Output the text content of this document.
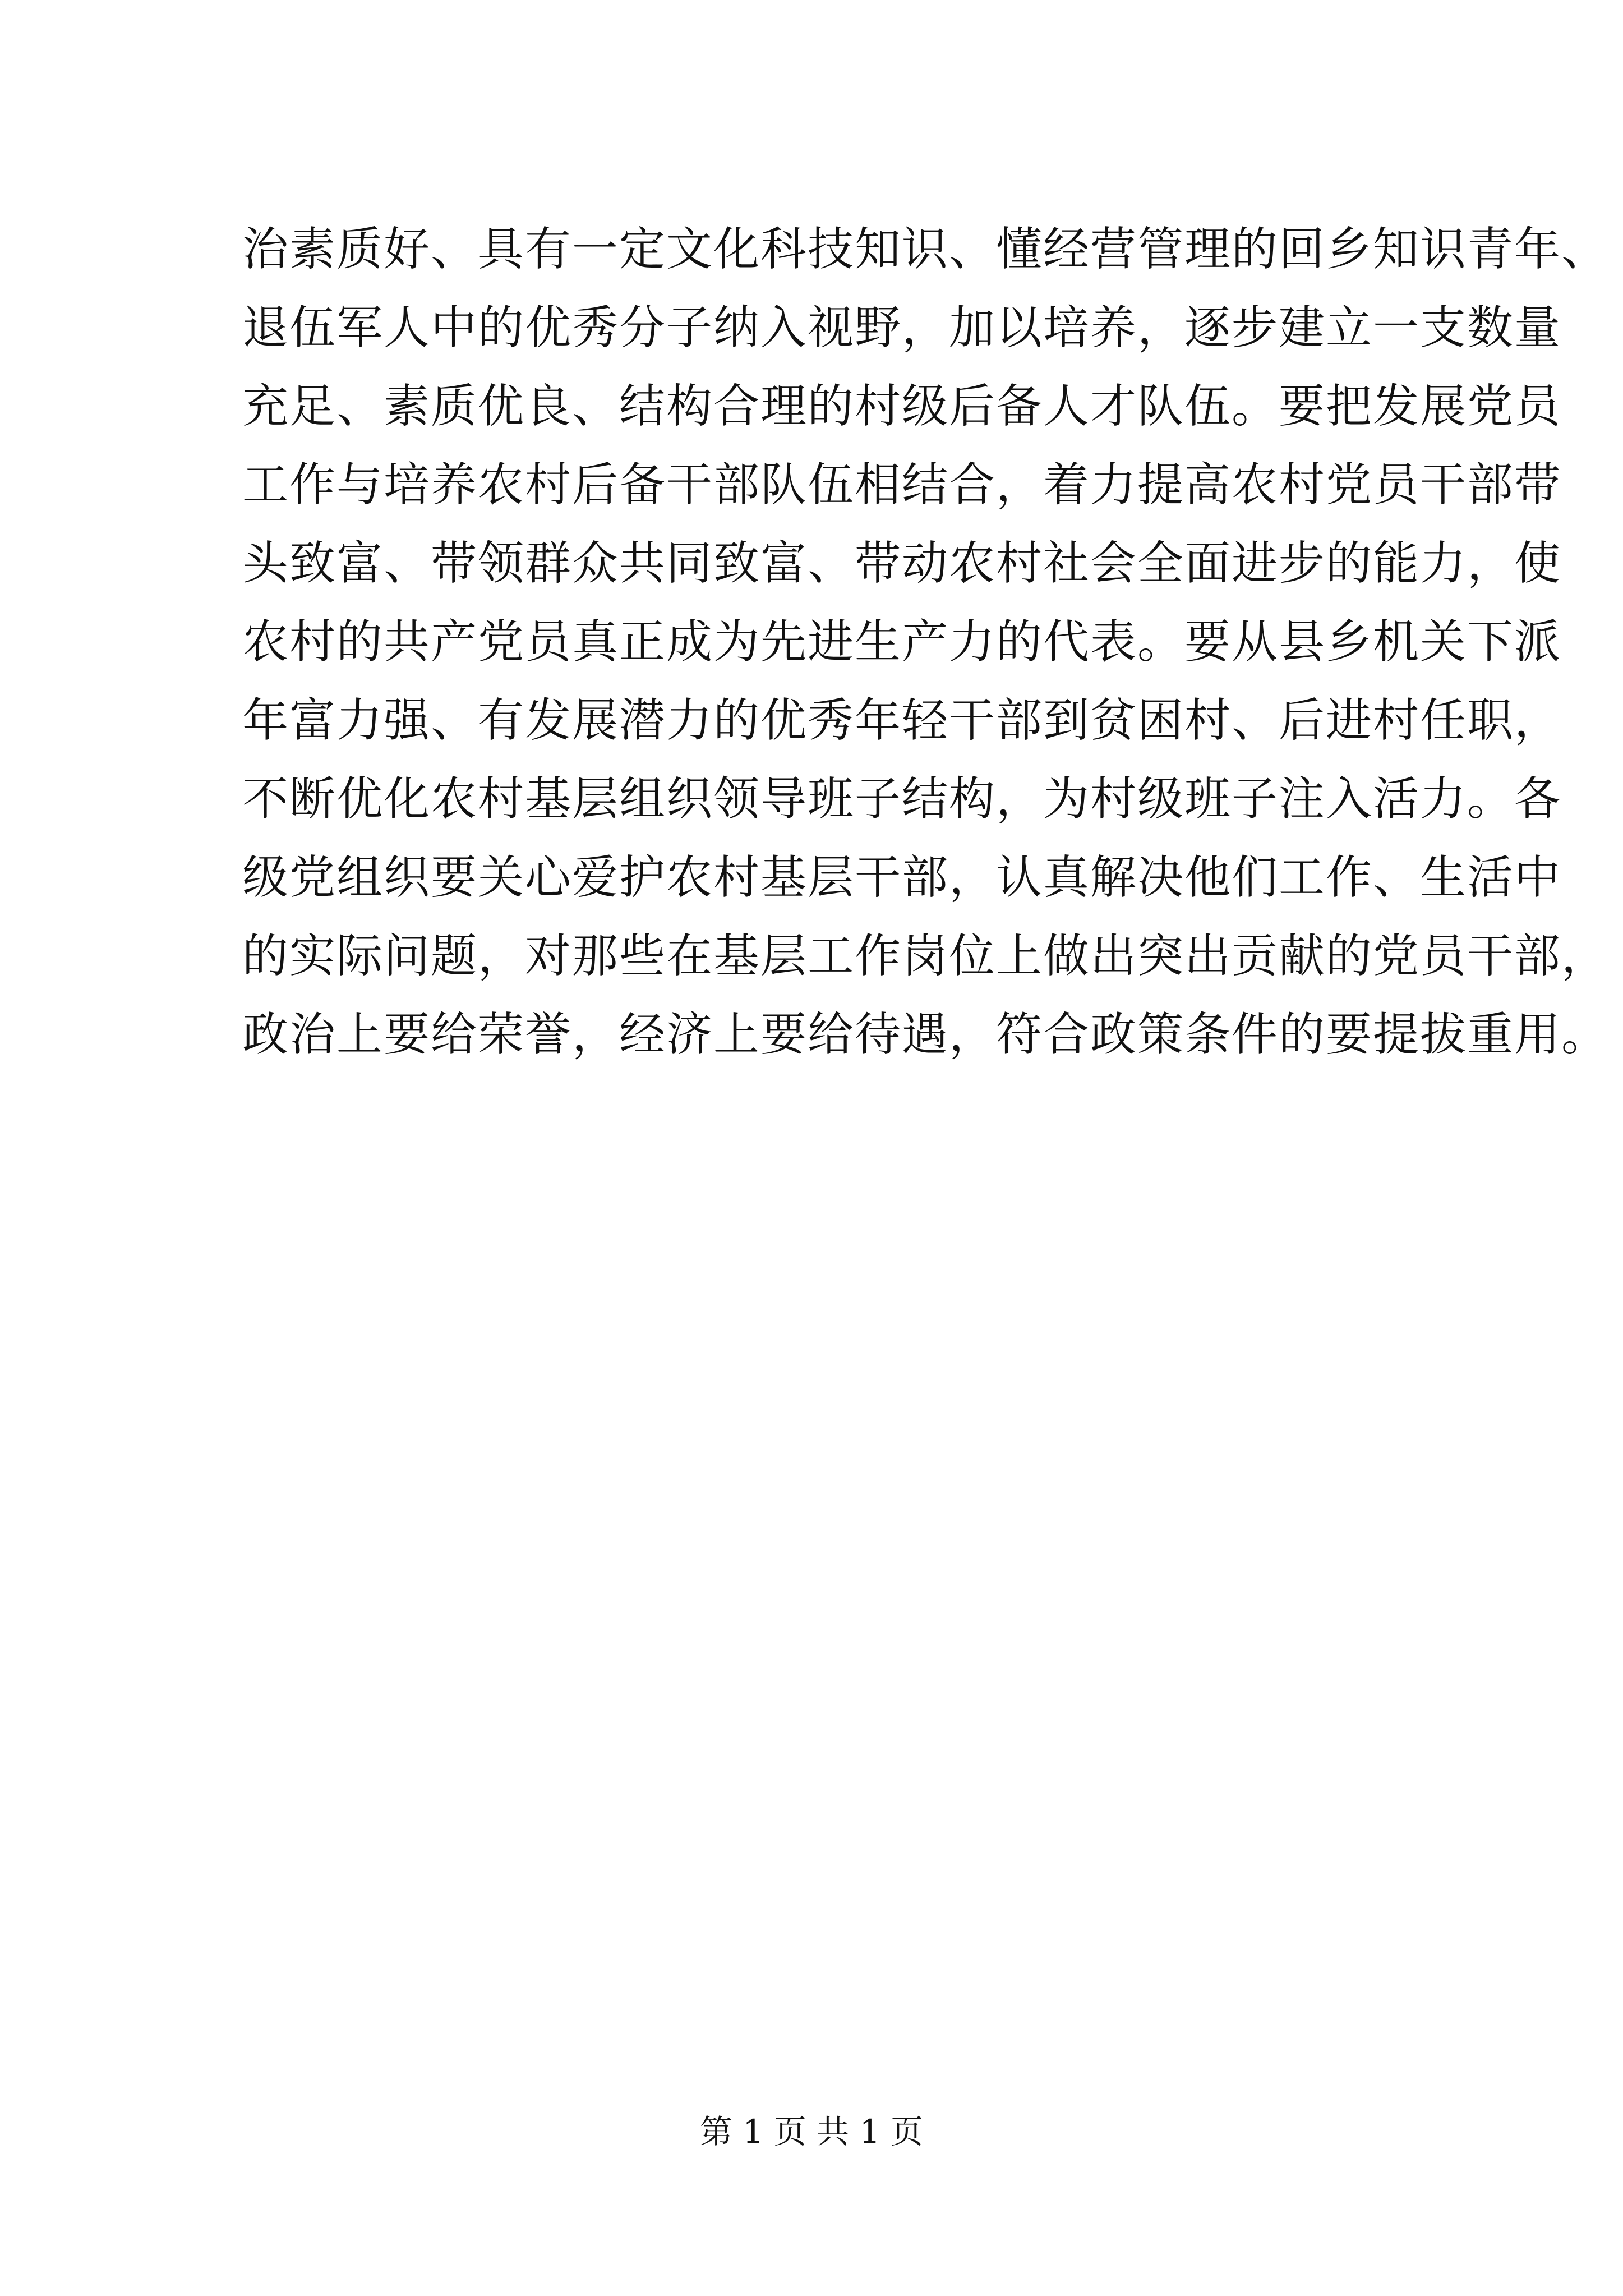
治素质好、具有一定文化科技知识、懂经营管理的回乡知识青年、
退伍军人中的优秀分子纳入视野，加以培养，逐步建立一支数量
充足、素质优良、结构合理的村级后备人才队伍。要把发展党员
工作与培养农村后备干部队伍相结合，着力提高农村党员干部带
头致富、带领群众共同致富、带动农村社会全面进步的能力，使
农村的共产党员真正成为先进生产力的代表。要从县乡机关下派
年富力强、有发展潜力的优秀年轻干部到贫困村、后进村任职，
不断优化农村基层组织领导班子结构，为村级班子注入活力。各
级党组织要关心爱护农村基层干部，认真解决他们工作、生活中
的实际问题，对那些在基层工作岗位上做出突出贡献的党员干部，
政治上要给荣誉，经济上要给待遇，符合政策条件的要提拔重用。
第 1 页 共 1 页
